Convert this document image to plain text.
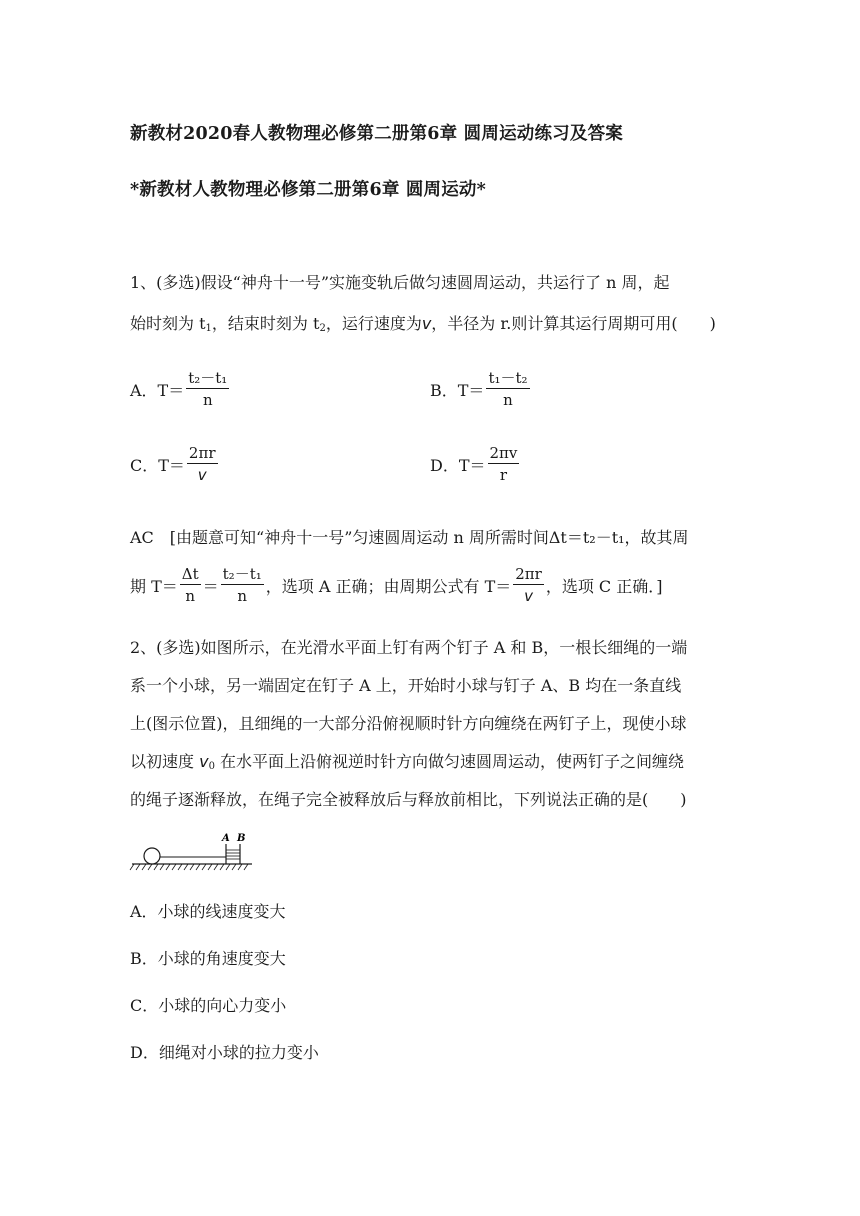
新教材2020春人教物理必修第二册第6章 圆周运动练习及答案
*新教材人教物理必修第二册第6章 圆周运动*
1、(多选)假设“神舟十一号”实施变轨后做匀速圆周运动，共运行了 n 周，起
始时刻为 $t_1$，结束时刻为 $t_2$，运行速度为v，半径为 r.则计算其运行周期可用(　　)
A．$T= \frac{\text{t₂－t₁}}{n}$	B．$T= \frac{\text{t₁－t₂}}{n}$
C．$T= \frac{2\pi r}{v}$	D．$T= \frac{2\pi v}{r}$
AC　[由题意可知“神舟十一号”匀速圆周运动 n 周所需时间Δt＝t₂－t₁，故其周
期 $T= \frac{\Delta t}{n} = \frac{\text{t₂－t₁}}{n}$ ，选项 A 正确；由周期公式有 $T= \frac{2\pi r}{v}$ ，选项 C 正确．]
2、(多选)如图所示，在光滑水平面上钉有两个钉子 A 和 B，一根长细绳的一端
系一个小球，另一端固定在钉子 A 上，开始时小球与钉子 A、B 均在一条直线
上(图示位置)，且细绳的一大部分沿俯视顺时针方向缠绕在两钉子上，现使小球
以初速度 $v_0$ 在水平面上沿俯视逆时针方向做匀速圆周运动，使两钉子之间缠绕
的绳子逐渐释放，在绳子完全被释放后与释放前相比，下列说法正确的是(　　)
A B
A．小球的线速度变大
B．小球的角速度变大
C．小球的向心力变小
D．细绳对小球的拉力变小
